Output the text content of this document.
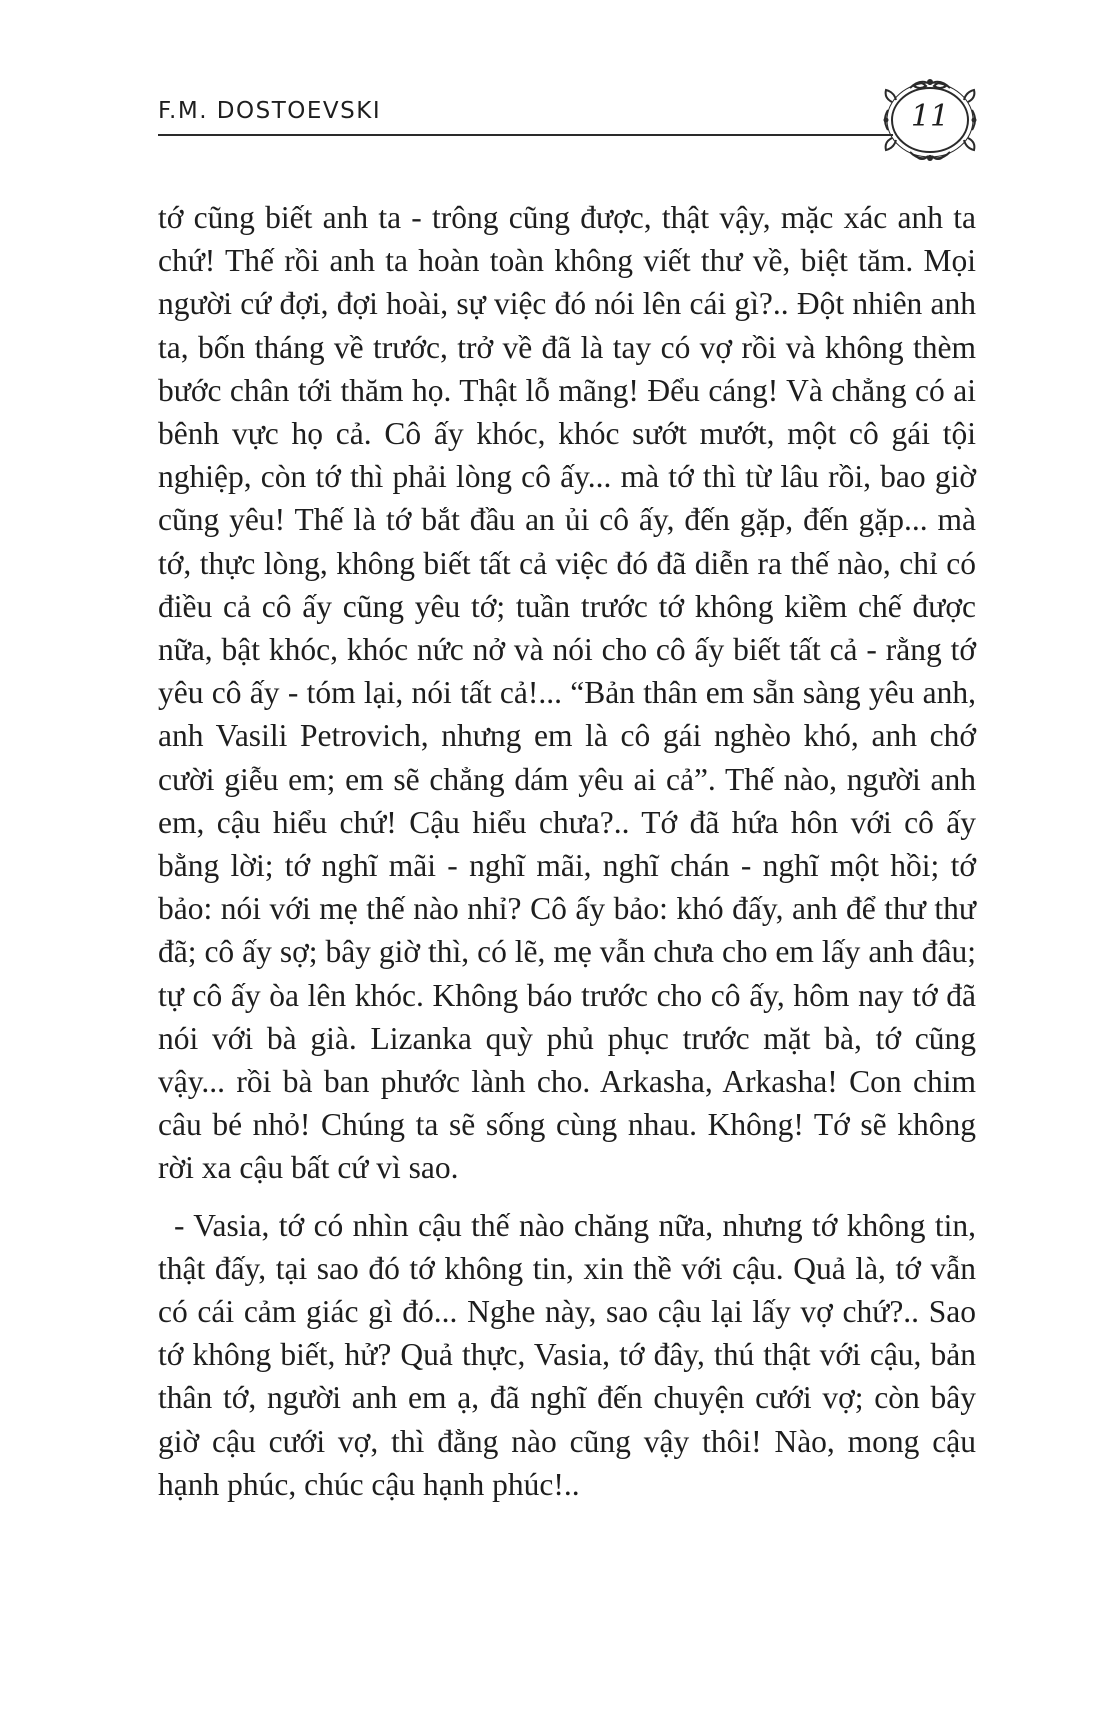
F.M. DOSTOEVSKI	11

tớ cũng biết anh ta - trông cũng được, thật vậy, mặc xác anh ta chứ! Thế rồi anh ta hoàn toàn không viết thư về, biệt tăm. Mọi người cứ đợi, đợi hoài, sự việc đó nói lên cái gì?.. Đột nhiên anh ta, bốn tháng về trước, trở về đã là tay có vợ rồi và không thèm bước chân tới thăm họ. Thật lỗ mãng! Đểu cáng! Và chẳng có ai bênh vực họ cả. Cô ấy khóc, khóc sướt mướt, một cô gái tội nghiệp, còn tớ thì phải lòng cô ấy... mà tớ thì từ lâu rồi, bao giờ cũng yêu! Thế là tớ bắt đầu an ủi cô ấy, đến gặp, đến gặp... mà tớ, thực lòng, không biết tất cả việc đó đã diễn ra thế nào, chỉ có điều cả cô ấy cũng yêu tớ; tuần trước tớ không kiềm chế được nữa, bật khóc, khóc nức nở và nói cho cô ấy biết tất cả - rằng tớ yêu cô ấy - tóm lại, nói tất cả!... “Bản thân em sẵn sàng yêu anh, anh Vasili Petrovich, nhưng em là cô gái nghèo khó, anh chớ cười giễu em; em sẽ chẳng dám yêu ai cả”. Thế nào, người anh em, cậu hiểu chứ! Cậu hiểu chưa?.. Tớ đã hứa hôn với cô ấy bằng lời; tớ nghĩ mãi - nghĩ mãi, nghĩ chán - nghĩ một hồi; tớ bảo: nói với mẹ thế nào nhỉ? Cô ấy bảo: khó đấy, anh để thư thư đã; cô ấy sợ; bây giờ thì, có lẽ, mẹ vẫn chưa cho em lấy anh đâu; tự cô ấy òa lên khóc. Không báo trước cho cô ấy, hôm nay tớ đã nói với bà già. Lizanka quỳ phủ phục trước mặt bà, tớ cũng vậy... rồi bà ban phước lành cho. Arkasha, Arkasha! Con chim câu bé nhỏ! Chúng ta sẽ sống cùng nhau. Không! Tớ sẽ không rời xa cậu bất cứ vì sao.

- Vasia, tớ có nhìn cậu thế nào chăng nữa, nhưng tớ không tin, thật đấy, tại sao đó tớ không tin, xin thề với cậu. Quả là, tớ vẫn có cái cảm giác gì đó... Nghe này, sao cậu lại lấy vợ chứ?.. Sao tớ không biết, hử? Quả thực, Vasia, tớ đây, thú thật với cậu, bản thân tớ, người anh em ạ, đã nghĩ đến chuyện cưới vợ; còn bây giờ cậu cưới vợ, thì đằng nào cũng vậy thôi! Nào, mong cậu hạnh phúc, chúc cậu hạnh phúc!..
